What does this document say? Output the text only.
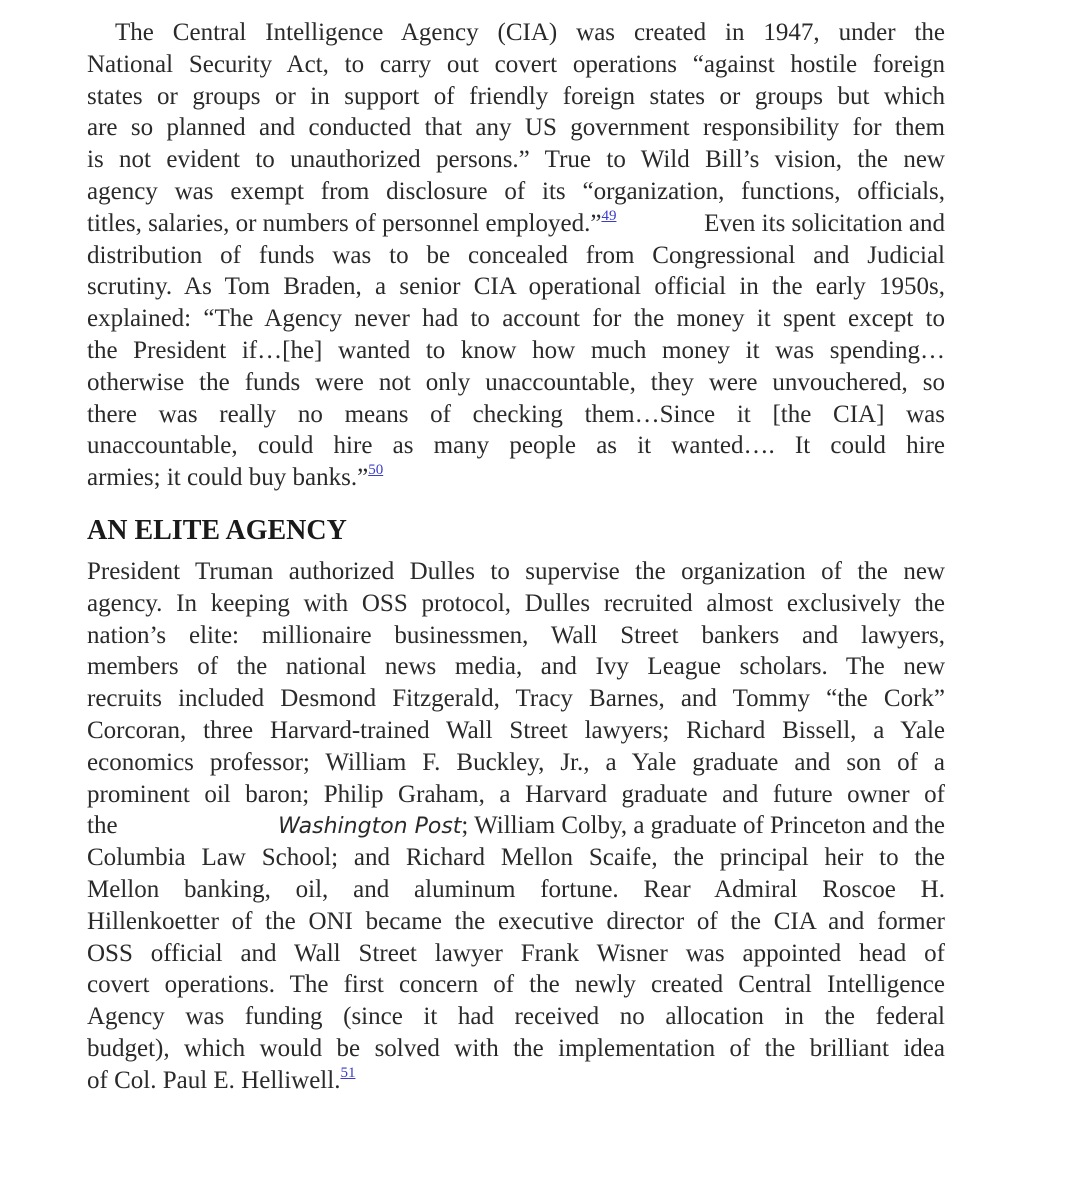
The Central Intelligence Agency (CIA) was created in 1947, under the
National Security Act, to carry out covert operations “against hostile foreign
states or groups or in support of friendly foreign states or groups but which
are so planned and conducted that any US government responsibility for them
is not evident to unauthorized persons.” True to Wild Bill’s vision, the new
agency was exempt from disclosure of its “organization, functions, officials,
titles, salaries, or numbers of personnel employed.”$^{49}$	Even its solicitation and
distribution of funds was to be concealed from Congressional and Judicial
scrutiny. As Tom Braden, a senior CIA operational official in the early 1950s,
explained: “The Agency never had to account for the money it spent except to
the President if…[he] wanted to know how much money it was spending…
otherwise the funds were not only unaccountable, they were unvouchered, so
there was really no means of checking them…Since it [the CIA] was
unaccountable, could hire as many people as it wanted…. It could hire
armies; it could buy banks.”$^{50}$
AN ELITE AGENCY
President Truman authorized Dulles to supervise the organization of the new
agency. In keeping with OSS protocol, Dulles recruited almost exclusively the
nation’s elite: millionaire businessmen, Wall Street bankers and lawyers,
members of the national news media, and Ivy League scholars. The new
recruits included Desmond Fitzgerald, Tracy Barnes, and Tommy “the Cork”
Corcoran, three Harvard-trained Wall Street lawyers; Richard Bissell, a Yale
economics professor; William F. Buckley, Jr., a Yale graduate and son of a
prominent oil baron; Philip Graham, a Harvard graduate and future owner of
the	Washington Post; William Colby, a graduate of Princeton and the
Columbia Law School; and Richard Mellon Scaife, the principal heir to the
Mellon banking, oil, and aluminum fortune. Rear Admiral Roscoe H.
Hillenkoetter of the ONI became the executive director of the CIA and former
OSS official and Wall Street lawyer Frank Wisner was appointed head of
covert operations. The first concern of the newly created Central Intelligence
Agency was funding (since it had received no allocation in the federal
budget), which would be solved with the implementation of the brilliant idea
of Col. Paul E. Helliwell.$^{51}$
